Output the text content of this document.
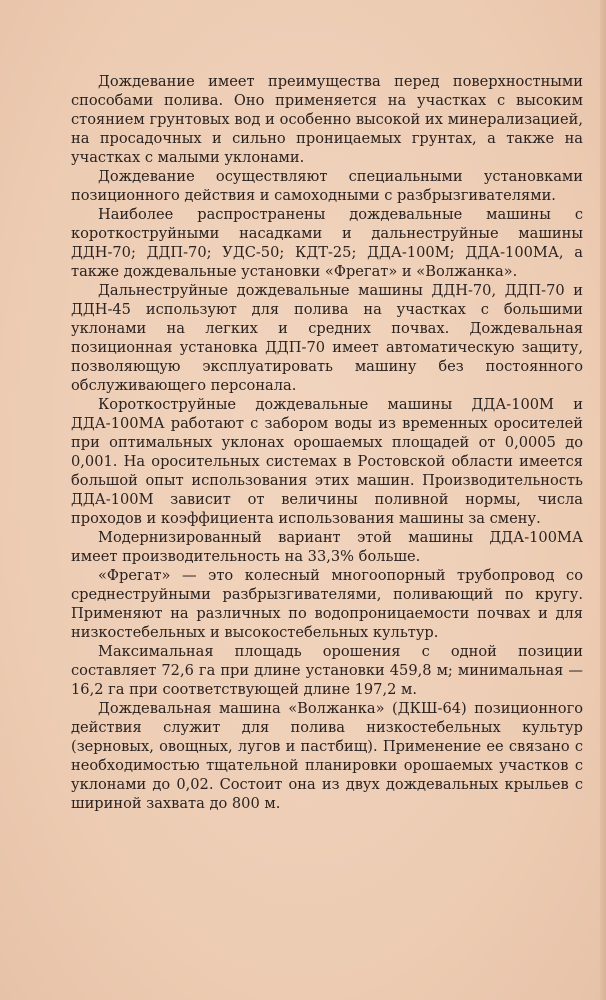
Дождевание имеет преимущества перед поверхностными способами полива. Оно применяется на участках с высоким стоянием грунтовых вод и особенно высокой их минерализацией, на просадочных и сильно проницаемых грунтах, а также на участках с малыми уклонами.

Дождевание осуществляют специальными установками позиционного действия и самоходными с разбрызгивателями.

Наиболее распространены дождевальные машины с короткоструйными насадками и дальнеструйные машины ДДН-70; ДДП-70; УДС-50; КДТ-25; ДДА-100М; ДДА-100МА, а также дождевальные установки «Фрегат» и «Волжанка».

Дальнеструйные дождевальные машины ДДН-70, ДДП-70 и ДДН-45 используют для полива на участках с большими уклонами на легких и средних почвах. Дождевальная позиционная установка ДДП-70 имеет автоматическую защиту, позволяющую эксплуатировать машину без постоянного обслуживающего персонала.

Короткоструйные дождевальные машины ДДА-100М и ДДА-100МА работают с забором воды из временных оросителей при оптимальных уклонах орошаемых площадей от 0,0005 до 0,001. На оросительных системах в Ростовской области имеется большой опыт использования этих машин. Производительность ДДА-100М зависит от величины поливной нормы, числа проходов и коэффициента использования машины за смену.

Модернизированный вариант этой машины ДДА-100МА имеет производительность на 33,3% больше.

«Фрегат» — это колесный многоопорный трубопровод со среднеструйными разбрызгивателями, поливающий по кругу. Применяют на различных по водопроницаемости почвах и для низкостебельных и высокостебельных культур.

Максимальная площадь орошения с одной позиции составляет 72,6 га при длине установки 459,8 м; минимальная — 16,2 га при соответствующей длине 197,2 м.

Дождевальная машина «Волжанка» (ДКШ-64) позиционного действия служит для полива низкостебельных культур (зерновых, овощных, лугов и пастбищ). Применение ее связано с необходимостью тщательной планировки орошаемых участков с уклонами до 0,02. Состоит она из двух дождевальных крыльев с шириной захвата до 800 м.
